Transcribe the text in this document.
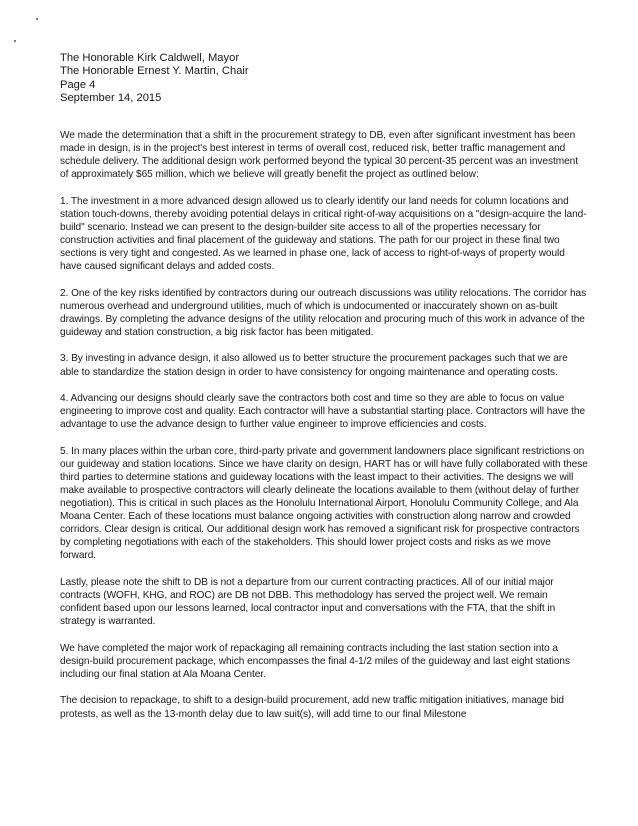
The Honorable Kirk Caldwell, Mayor
The Honorable Ernest Y. Martin, Chair
Page 4
September 14, 2015

We made the determination that a shift in the procurement strategy to DB, even after significant investment has been made in design, is in the project's best interest in terms of overall cost, reduced risk, better traffic management and schedule delivery. The additional design work performed beyond the typical 30 percent-35 percent was an investment of approximately $65 million, which we believe will greatly benefit the project as outlined below:

1. The investment in a more advanced design allowed us to clearly identify our land needs for column locations and station touch-downs, thereby avoiding potential delays in critical right-of-way acquisitions on a "design-acquire the land-build" scenario. Instead we can present to the design-builder site access to all of the properties necessary for construction activities and final placement of the guideway and stations. The path for our project in these final two sections is very tight and congested. As we learned in phase one, lack of access to right-of-ways of property would have caused significant delays and added costs.

2. One of the key risks identified by contractors during our outreach discussions was utility relocations. The corridor has numerous overhead and underground utilities, much of which is undocumented or inaccurately shown on as-built drawings. By completing the advance designs of the utility relocation and procuring much of this work in advance of the guideway and station construction, a big risk factor has been mitigated.

3. By investing in advance design, it also allowed us to better structure the procurement packages such that we are able to standardize the station design in order to have consistency for ongoing maintenance and operating costs.

4. Advancing our designs should clearly save the contractors both cost and time so they are able to focus on value engineering to improve cost and quality. Each contractor will have a substantial starting place. Contractors will have the advantage to use the advance design to further value engineer to improve efficiencies and costs.

5. In many places within the urban core, third-party private and government landowners place significant restrictions on our guideway and station locations. Since we have clarity on design, HART has or will have fully collaborated with these third parties to determine stations and guideway locations with the least impact to their activities. The designs we will make available to prospective contractors will clearly delineate the locations available to them (without delay of further negotiation). This is critical in such places as the Honolulu International Airport, Honolulu Community College, and Ala Moana Center. Each of these locations must balance ongoing activities with construction along narrow and crowded corridors. Clear design is critical. Our additional design work has removed a significant risk for prospective contractors by completing negotiations with each of the stakeholders. This should lower project costs and risks as we move forward.

Lastly, please note the shift to DB is not a departure from our current contracting practices. All of our initial major contracts (WOFH, KHG, and ROC) are DB not DBB. This methodology has served the project well. We remain confident based upon our lessons learned, local contractor input and conversations with the FTA, that the shift in strategy is warranted.

We have completed the major work of repackaging all remaining contracts including the last station section into a design-build procurement package, which encompasses the final 4-1/2 miles of the guideway and last eight stations including our final station at Ala Moana Center.

The decision to repackage, to shift to a design-build procurement, add new traffic mitigation initiatives, manage bid protests, as well as the 13-month delay due to law suit(s), will add time to our final Milestone
